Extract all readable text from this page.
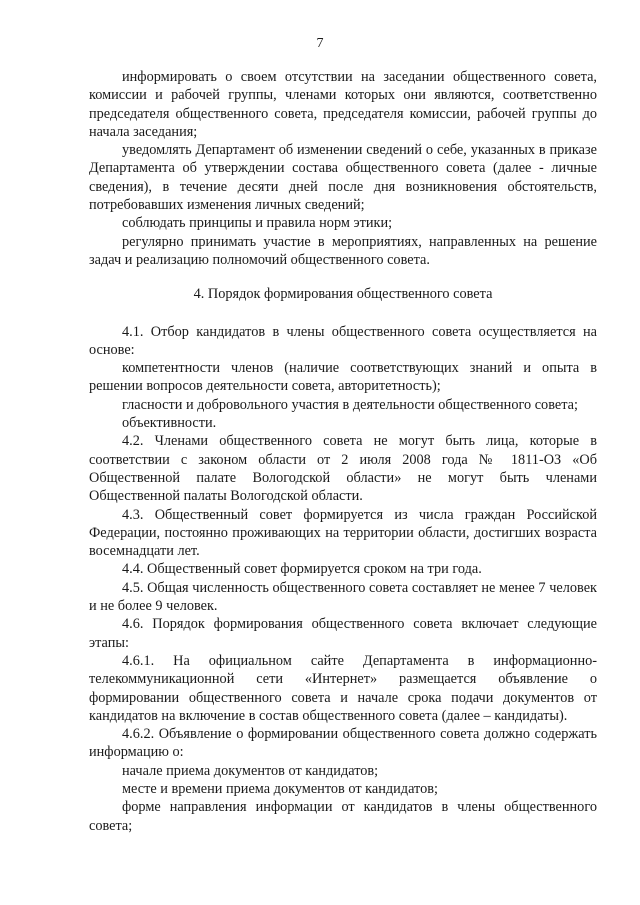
7

информировать о своем отсутствии на заседании общественного совета, комиссии и рабочей группы, членами которых они являются, соответственно председателя общественного совета, председателя комиссии, рабочей группы до начала заседания;

уведомлять Департамент об изменении сведений о себе, указанных в приказе Департамента об утверждении состава общественного совета (далее - личные сведения), в течение десяти дней после дня возникновения обстоятельств, потребовавших изменения личных сведений;

соблюдать принципы и правила норм этики;

регулярно принимать участие в мероприятиях, направленных на решение задач и реализацию полномочий общественного совета.

4. Порядок формирования общественного совета

4.1. Отбор кандидатов в члены общественного совета осуществляется на основе:

компетентности членов (наличие соответствующих знаний и опыта в решении вопросов деятельности совета, авторитетность);

гласности и добровольного участия в деятельности общественного совета;

объективности.

4.2. Членами общественного совета не могут быть лица, которые в соответствии с законом области от 2 июля 2008 года № 1811-ОЗ «Об Общественной палате Вологодской области» не могут быть членами Общественной палаты Вологодской области.

4.3. Общественный совет формируется из числа граждан Российской Федерации, постоянно проживающих на территории области, достигших возраста восемнадцати лет.

4.4. Общественный совет формируется сроком на три года.

4.5. Общая численность общественного совета составляет не менее 7 человек и не более 9 человек.

4.6. Порядок формирования общественного совета включает следующие этапы:

4.6.1. На официальном сайте Департамента в информационно-телекоммуникационной сети «Интернет» размещается объявление о формировании общественного совета и начале срока подачи документов от кандидатов на включение в состав общественного совета (далее – кандидаты).

4.6.2. Объявление о формировании общественного совета должно содержать информацию о:

начале приема документов от кандидатов;

месте и времени приема документов от кандидатов;

форме направления информации от кандидатов в члены общественного совета;
